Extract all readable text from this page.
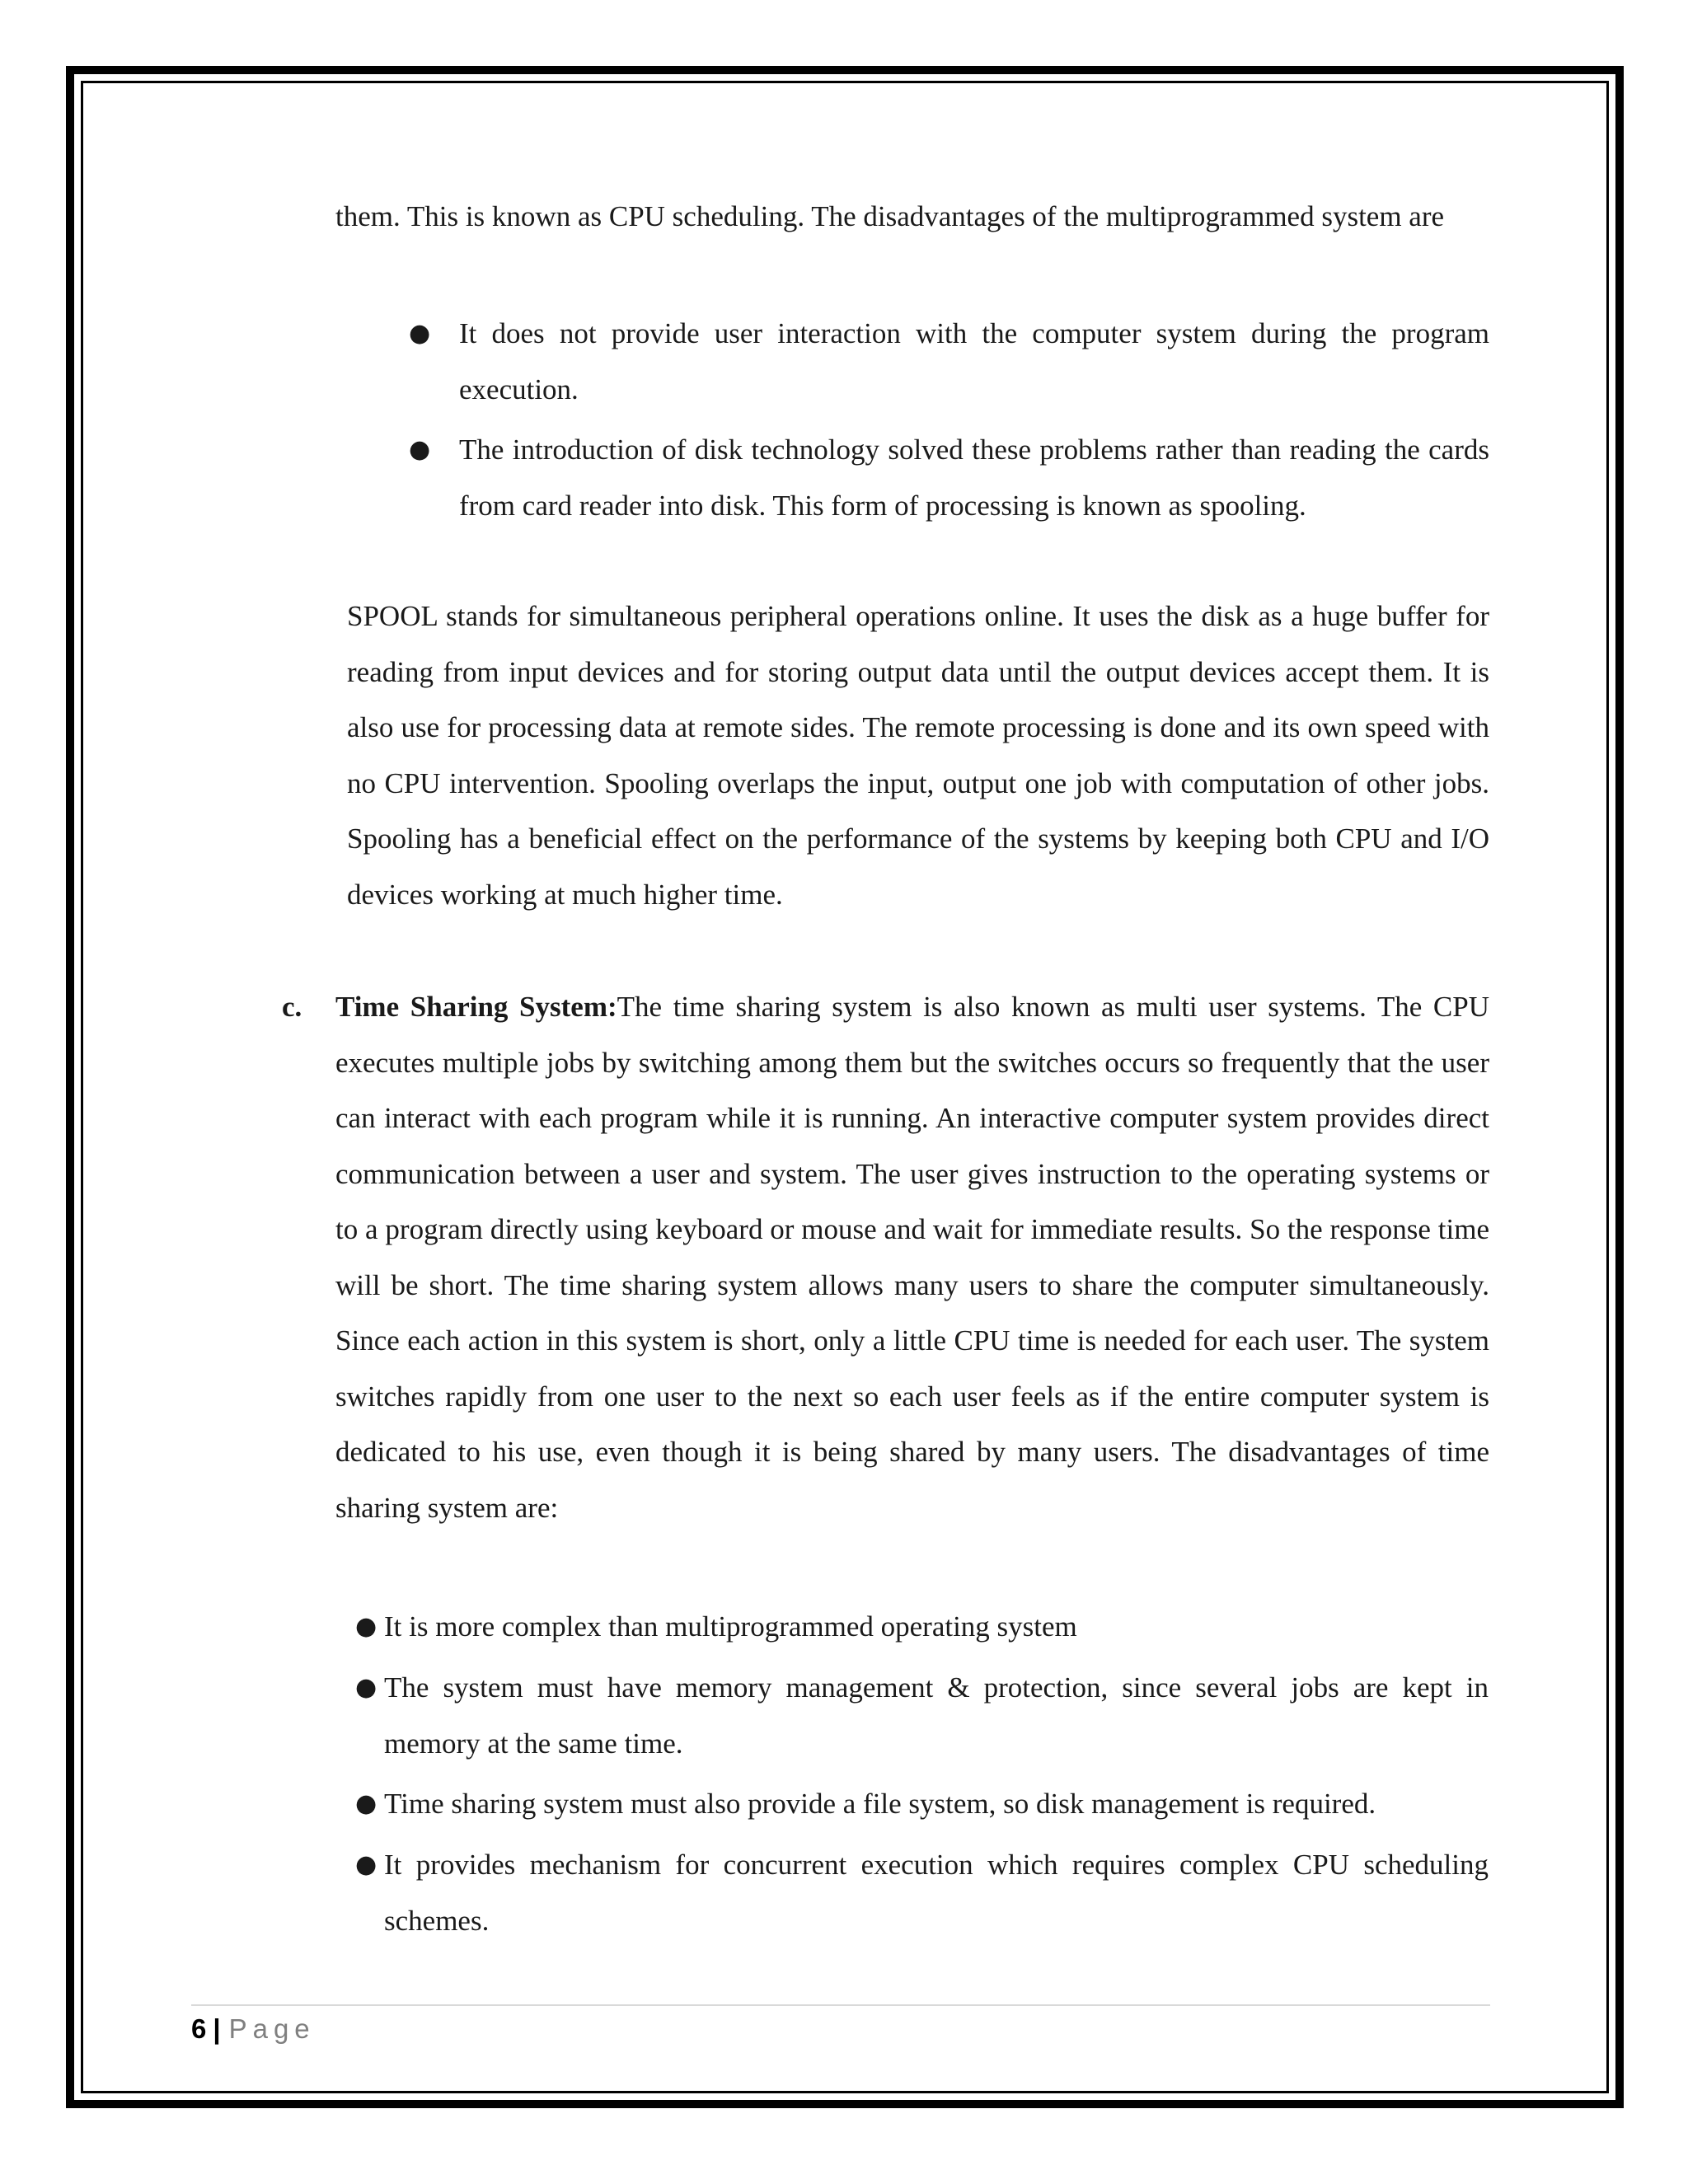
them. This is known as CPU scheduling. The disadvantages of the multiprogrammed system are

● It does not provide user interaction with the computer system during the program execution.

● The introduction of disk technology solved these problems rather than reading the cards from card reader into disk. This form of processing is known as spooling.

SPOOL stands for simultaneous peripheral operations online. It uses the disk as a huge buffer for reading from input devices and for storing output data until the output devices accept them. It is also use for processing data at remote sides. The remote processing is done and its own speed with no CPU intervention. Spooling overlaps the input, output one job with computation of other jobs. Spooling has a beneficial effect on the performance of the systems by keeping both CPU and I/O devices working at much higher time.

c. Time Sharing System:The time sharing system is also known as multi user systems. The CPU executes multiple jobs by switching among them but the switches occurs so frequently that the user can interact with each program while it is running. An interactive computer system provides direct communication between a user and system. The user gives instruction to the operating systems or to a program directly using keyboard or mouse and wait for immediate results. So the response time will be short. The time sharing system allows many users to share the computer simultaneously. Since each action in this system is short, only a little CPU time is needed for each user. The system switches rapidly from one user to the next so each user feels as if the entire computer system is dedicated to his use, even though it is being shared by many users. The disadvantages of time sharing system are:

● It is more complex than multiprogrammed operating system

● The system must have memory management & protection, since several jobs are kept in memory at the same time.

● Time sharing system must also provide a file system, so disk management is required.

● It provides mechanism for concurrent execution which requires complex CPU scheduling schemes.

6 | Page
